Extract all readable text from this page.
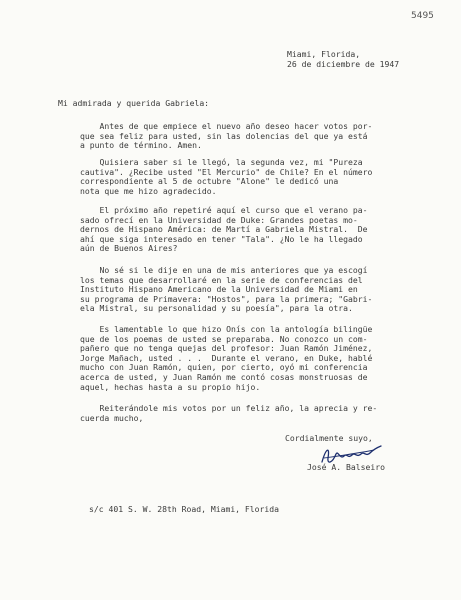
5495
Miami, Florida,
26 de diciembre de 1947
Mi admirada y querida Gabriela:
Antes de que empiece el nuevo año deseo hacer votos por-
que sea feliz para usted, sin las dolencias del que ya está
a punto de término. Amen.
Quisiera saber si le llegó, la segunda vez, mi "Pureza
cautiva". ¿Recibe usted "El Mercurio" de Chile? En el número
correspondiente al 5 de octubre "Alone" le dedicó una
nota que me hizo agradecido.
El próximo año repetiré aquí el curso que el verano pa-
sado ofrecí en la Universidad de Duke: Grandes poetas mo-
dernos de Hispano América: de Martí a Gabriela Mistral.  De
ahí que siga interesado en tener "Tala". ¿No le ha llegado
aún de Buenos Aires?
No sé si le dije en una de mis anteriores que ya escogí
los temas que desarrollaré en la serie de conferencias del
Instituto Hispano Americano de la Universidad de Miami en
su programa de Primavera: "Hostos", para la primera; "Gabri-
ela Mistral, su personalidad y su poesía", para la otra.
Es lamentable lo que hizo Onís con la antología bilingüe
que de los poemas de usted se preparaba. No conozco un com-
pañero que no tenga quejas del profesor: Juan Ramón Jiménez,
Jorge Mañach, usted . . .  Durante el verano, en Duke, hablé
mucho con Juan Ramón, quien, por cierto, oyó mi conferencia
acerca de usted, y Juan Ramón me contó cosas monstruosas de
aquel, hechas hasta a su propio hijo.
Reiterándole mis votos por un feliz año, la aprecia y re-
cuerda mucho,
Cordialmente suyo,
José A. Balseiro
s/c 401 S. W. 28th Road, Miami, Florida
